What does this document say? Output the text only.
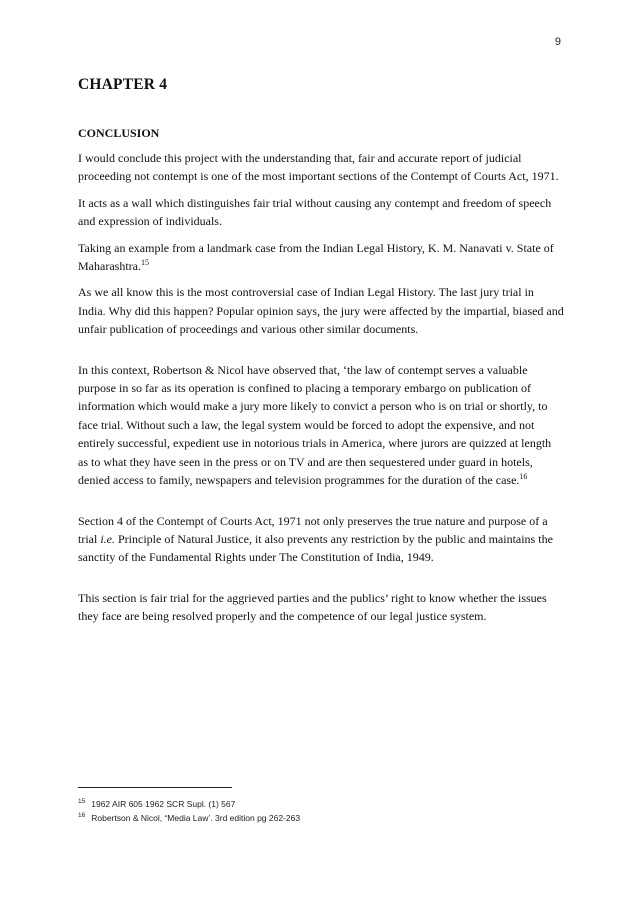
9
CHAPTER 4
CONCLUSION

I would conclude this project with the understanding that, fair and accurate report of judicial proceeding not contempt is one of the most important sections of the Contempt of Courts Act, 1971.

It acts as a wall which distinguishes fair trial without causing any contempt and freedom of speech and expression of individuals.

Taking an example from a landmark case from the Indian Legal History, K. M. Nanavati v. State of Maharashtra.$^{15}$

As we all know this is the most controversial case of Indian Legal History. The last jury trial in India. Why did this happen? Popular opinion says, the jury were affected by the impartial, biased and unfair publication of proceedings and various other similar documents.

In this context, Robertson & Nicol have observed that, ‘the law of contempt serves a valuable purpose in so far as its operation is confined to placing a temporary embargo on publication of information which would make a jury more likely to convict a person who is on trial or shortly, to face trial. Without such a law, the legal system would be forced to adopt the expensive, and not entirely successful, expedient use in notorious trials in America, where jurors are quizzed at length as to what they have seen in the press or on TV and are then sequestered under guard in hotels, denied access to family, newspapers and television programmes for the duration of the case.$^{16}$

Section 4 of the Contempt of Courts Act, 1971 not only preserves the true nature and purpose of a trial i.e. Principle of Natural Justice, it also prevents any restriction by the public and maintains the sanctity of the Fundamental Rights under The Constitution of India, 1949.

This section is fair trial for the aggrieved parties and the publics’ right to know whether the issues they face are being resolved properly and the competence of our legal justice system.

$^{15}$ 1962 AIR 605 1962 SCR Supl. (1) 567

$^{16}$ Robertson & Nicol, “Media Law’. 3rd edition pg 262-263
